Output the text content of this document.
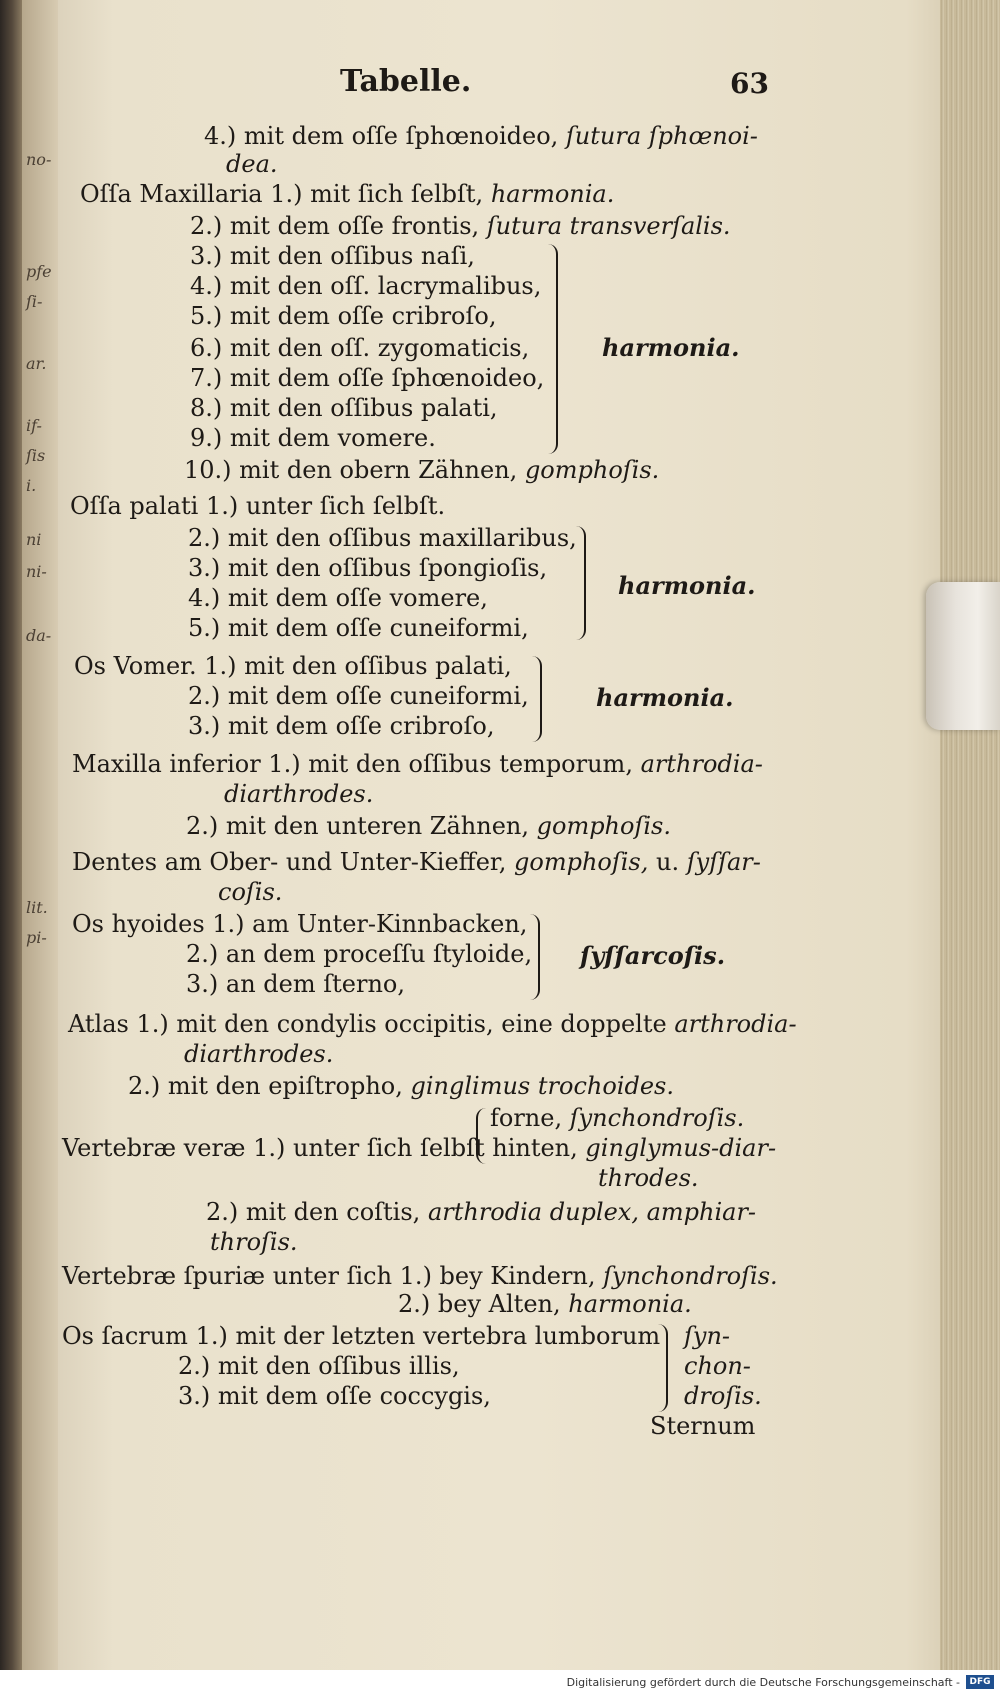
no-
pfe
ſi-
ar.
if-
ſis
i.
ni
ni-
da-
lit.
pi-
Tabelle.	63
4.) mit dem oſſe ſphœnoideo, ſutura ſphœnoi-
dea.
Oſſa Maxillaria 1.) mit ſich ſelbſt, harmonia.
2.) mit dem oſſe frontis, ſutura transverſalis.
3.) mit den oſſibus naſi,
4.) mit den oſſ. lacrymalibus,
5.) mit dem oſſe cribroſo,
6.) mit den oſſ. zygomaticis,
7.) mit dem oſſe ſphœnoideo,
8.) mit den oſſibus palati,
9.) mit dem vomere.
harmonia.
10.) mit den obern Zähnen, gomphoſis.
Oſſa palati 1.) unter ſich ſelbſt.
2.) mit den oſſibus maxillaribus,
3.) mit den oſſibus ſpongioſis,
4.) mit dem oſſe vomere,
5.) mit dem oſſe cuneiformi,
harmonia.
Os Vomer. 1.) mit den oſſibus palati,
2.) mit dem oſſe cuneiformi,
3.) mit dem oſſe cribroſo,
harmonia.
Maxilla inferior 1.) mit den oſſibus temporum, arthrodia-
diarthrodes.
2.) mit den unteren Zähnen, gomphoſis.
Dentes am Ober- und Unter-Kieffer, gomphoſis, u. ſyſſar-
coſis.
Os hyoides 1.) am Unter-Kinnbacken,
2.) an dem proceſſu ſtyloide,
3.) an dem ſterno,
ſyſſarcoſis.
Atlas 1.) mit den condylis occipitis, eine doppelte arthrodia-
diarthrodes.
2.) mit den epiſtropho, ginglimus trochoides.
forne, ſynchondroſis.
Vertebræ veræ 1.) unter ſich ſelbſt hinten, ginglymus-diar-
throdes.
2.) mit den coſtis, arthrodia duplex, amphiar-
throſis.
Vertebræ ſpuriæ unter ſich 1.) bey Kindern, ſynchondroſis.
2.) bey Alten, harmonia.
Os ſacrum 1.) mit der letzten vertebra lumborum
2.) mit den oſſibus illis,
3.) mit dem oſſe coccygis,
ſyn-
chon-
droſis.
Sternum
Digitalisierung gefördert durch die Deutsche Forschungsgemeinschaft -	DFG
